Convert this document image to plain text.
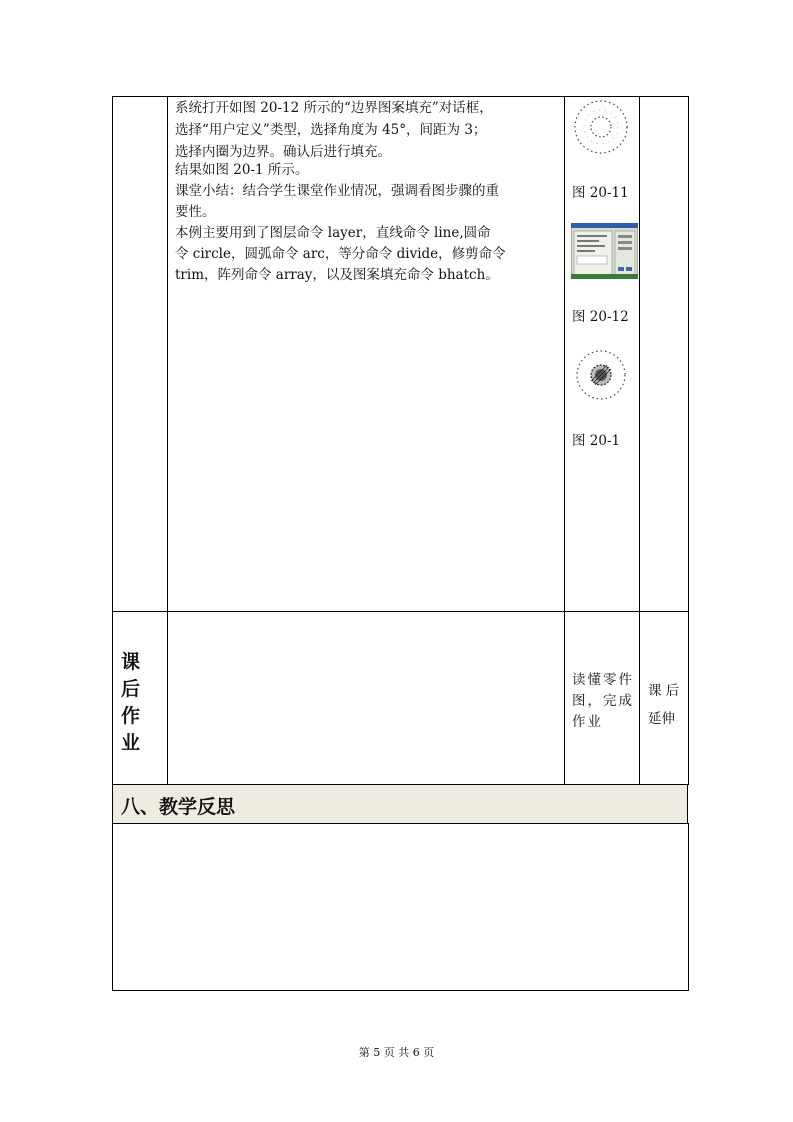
系统打开如图 20-12 所示的“边界图案填充”对话框，
选择“用户定义”类型，选择角度为 45°，间距为 3；
选择内圈为边界。确认后进行填充。
结果如图 20-1 所示。
课堂小结：结合学生课堂作业情况，强调看图步骤的重
要性。
本例主要用到了图层命令 layer，直线命令 line,圆命
令 circle，圆弧命令 arc，等分命令 divide，修剪命令
trim，阵列命令 array，以及图案填充命令 bhatch。
图 20-11
图 20-12
图 20-1
课
后
作
业
读懂零件
图，完成
作业
课 后
延伸
八、教学反思
第 5 页 共 6 页
